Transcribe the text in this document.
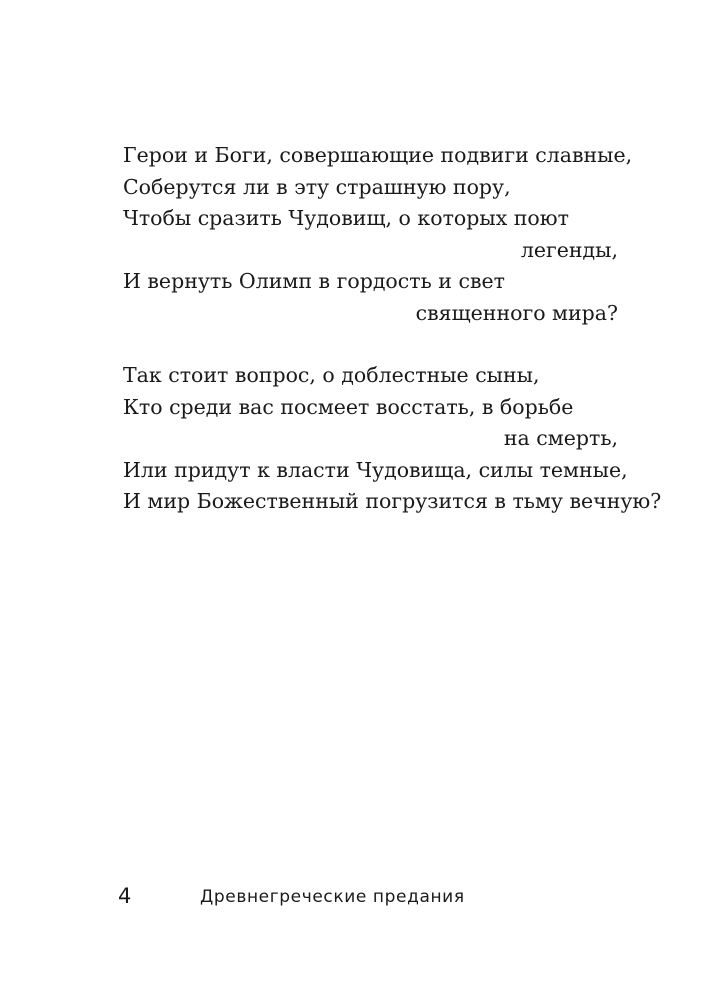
Герои и Боги, совершающие подвиги славные,
Соберутся ли в эту страшную пору,
Чтобы сразить Чудовищ, о которых поют
легенды,
И вернуть Олимп в гордость и свет
священного мира?
Так стоит вопрос, о доблестные сыны,
Кто среди вас посмеет восстать, в борьбе
на смерть,
Или придут к власти Чудовища, силы темные,
И мир Божественный погрузится в тьму вечную?
4	Древнегреческие предания
